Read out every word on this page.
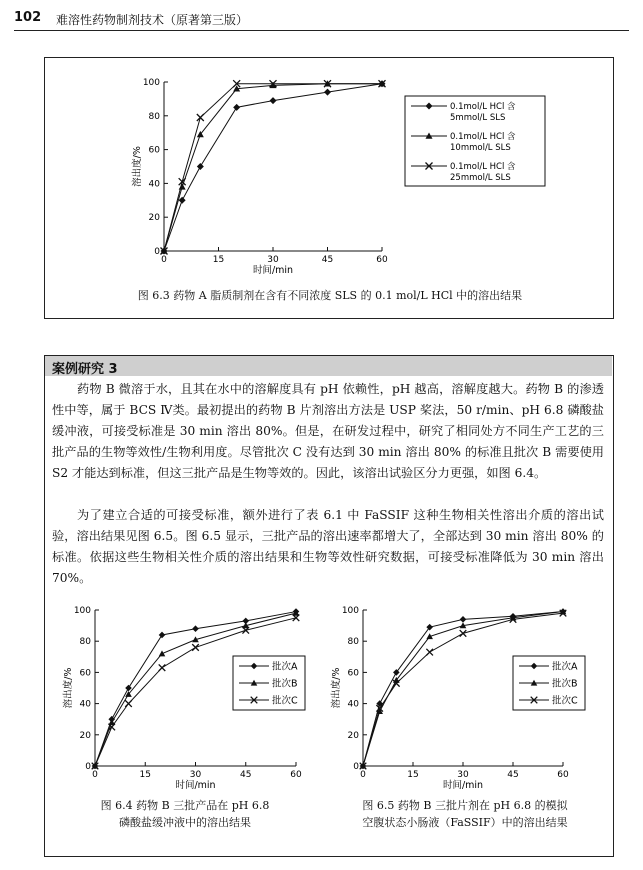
102 难溶性药物制剂技术（原著第三版）
0
20
40
60
80
100
0	15	30	45	60
时间/min
溶出度/%
0.1mol/L HCl 含
5mmol/L SLS
0.1mol/L HCl 含
10mmol/L SLS
0.1mol/L HCl 含
25mmol/L SLS
图 6.3 药物 A 脂质制剂在含有不同浓度 SLS 的 0.1 mol/L HCl 中的溶出结果
案例研究 3
药物 B 微溶于水，且其在水中的溶解度具有 pH 依赖性，pH 越高，溶解度越大。药物 B 的渗透性中等，属于 BCS Ⅳ类。最初提出的药物 B 片剂溶出方法是 USP 桨法，50 r/min、pH 6.8 磷酸盐缓冲液，可接受标准是 30 min 溶出 80%。但是，在研发过程中，研究了相同处方不同生产工艺的三批产品的生物等效性/生物利用度。尽管批次 C 没有达到 30 min 溶出 80% 的标准且批次 B 需要使用 S2 才能达到标准，但这三批产品是生物等效的。因此，该溶出试验区分力更强，如图 6.4。
为了建立合适的可接受标准，额外进行了表 6.1 中 FaSSIF 这种生物相关性溶出介质的溶出试验，溶出结果见图 6.5。图 6.5 显示，三批产品的溶出速率都增大了，全部达到 30 min 溶出 80% 的标准。依据这些生物相关性介质的溶出结果和生物等效性研究数据，可接受标准降低为 30 min 溶出 70%。
0
20
40
60
80
100
0	15	30	45	60
时间/min
溶出度/%
批次A
批次B
批次C
图 6.4 药物 B 三批产品在 pH 6.8
磷酸盐缓冲液中的溶出结果
0
20
40
60
80
100
0	15	30	45	60
时间/min
溶出度/%
批次A
批次B
批次C
图 6.5 药物 B 三批片剂在 pH 6.8 的模拟
空腹状态小肠液（FaSSIF）中的溶出结果
